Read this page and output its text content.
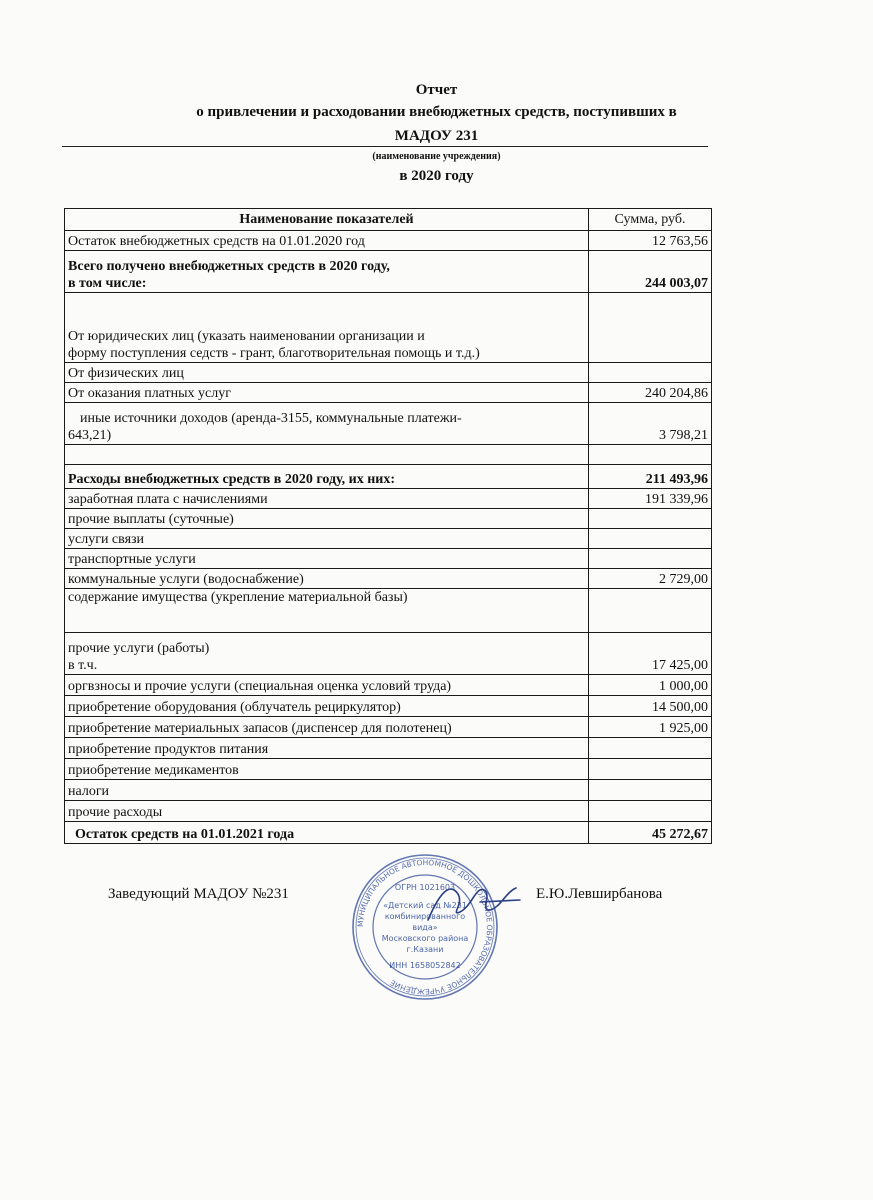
Отчет
о привлечении и расходовании внебюджетных средств, поступивших в
МАДОУ 231
(наименование учреждения)
в 2020 году
Наименование показателей	Сумма, руб.
Остаток внебюджетных средств на 01.01.2020 год	12 763,56

Всего получено внебюджетных средств в 2020 году,
в том числе:	244 003,07

От юридических лиц (указать наименовании организации и
форму поступления седств - грант, благотворительная помощь и т.д.)	

От физических лиц	
От оказания платных услуг	240 204,86

иные источники доходов (аренда-3155, коммунальные платежи-
643,21)	3 798,21

Расходы внебюджетных средств в 2020 году, их них:	211 493,96
заработная плата с начислениями	191 339,96
прочие выплаты (суточные)	
услуги связи	
транспортные услуги	
коммунальные услуги (водоснабжение)	2 729,00
содержание имущества (укрепление материальной базы)	

прочие услуги (работы)
в т.ч.	17 425,00
оргвзносы и прочие услуги (специальная оценка условий труда)	1 000,00
приобретение оборудования (облучатель рециркулятор)	14 500,00
приобретение материальных запасов (диспенсер для полотенец)	1 925,00
приобретение продуктов питания	
приобретение медикаментов	
налоги	
прочие расходы	
Остаток средств на 01.01.2021 года	45 272,67
Заведующий МАДОУ №231	Е.Ю.Левширбанова
МУНИЦИПАЛЬНОЕ АВТОНОМНОЕ ДОШКОЛЬНОЕ ОБРАЗОВАТЕЛЬНОЕ УЧРЕЖДЕНИЕ
ОГРН 1021603
«Детский сад №231
комбинированного
вида»
Московского района
г.Казани
ИНН 1658052842
